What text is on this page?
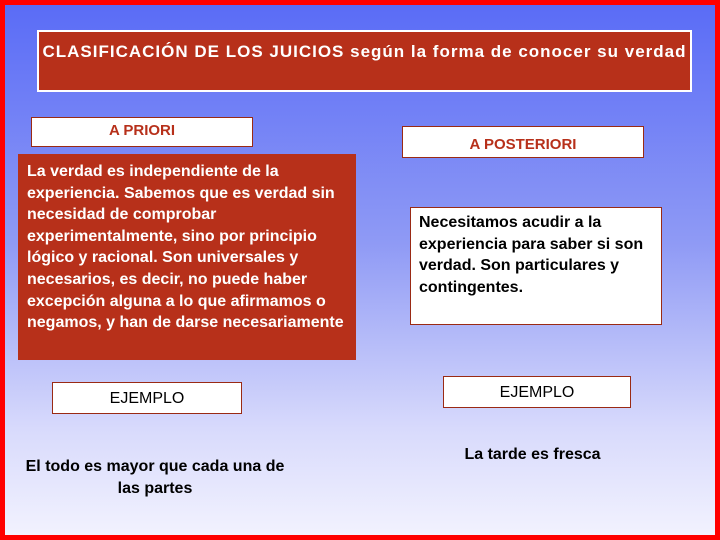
CLASIFICACIÓN DE LOS JUICIOS según la forma de conocer su verdad
A PRIORI
A POSTERIORI
La verdad es independiente de la experiencia. Sabemos que es verdad sin necesidad de comprobar experimentalmente, sino por principio lógico y racional. Son universales y necesarios, es decir, no puede haber excepción alguna a lo que afirmamos o negamos, y han de darse necesariamente
Necesitamos acudir a la experiencia para saber si son verdad. Son particulares y contingentes.
EJEMPLO	EJEMPLO
El todo es mayor que cada una de las partes
La tarde es fresca
